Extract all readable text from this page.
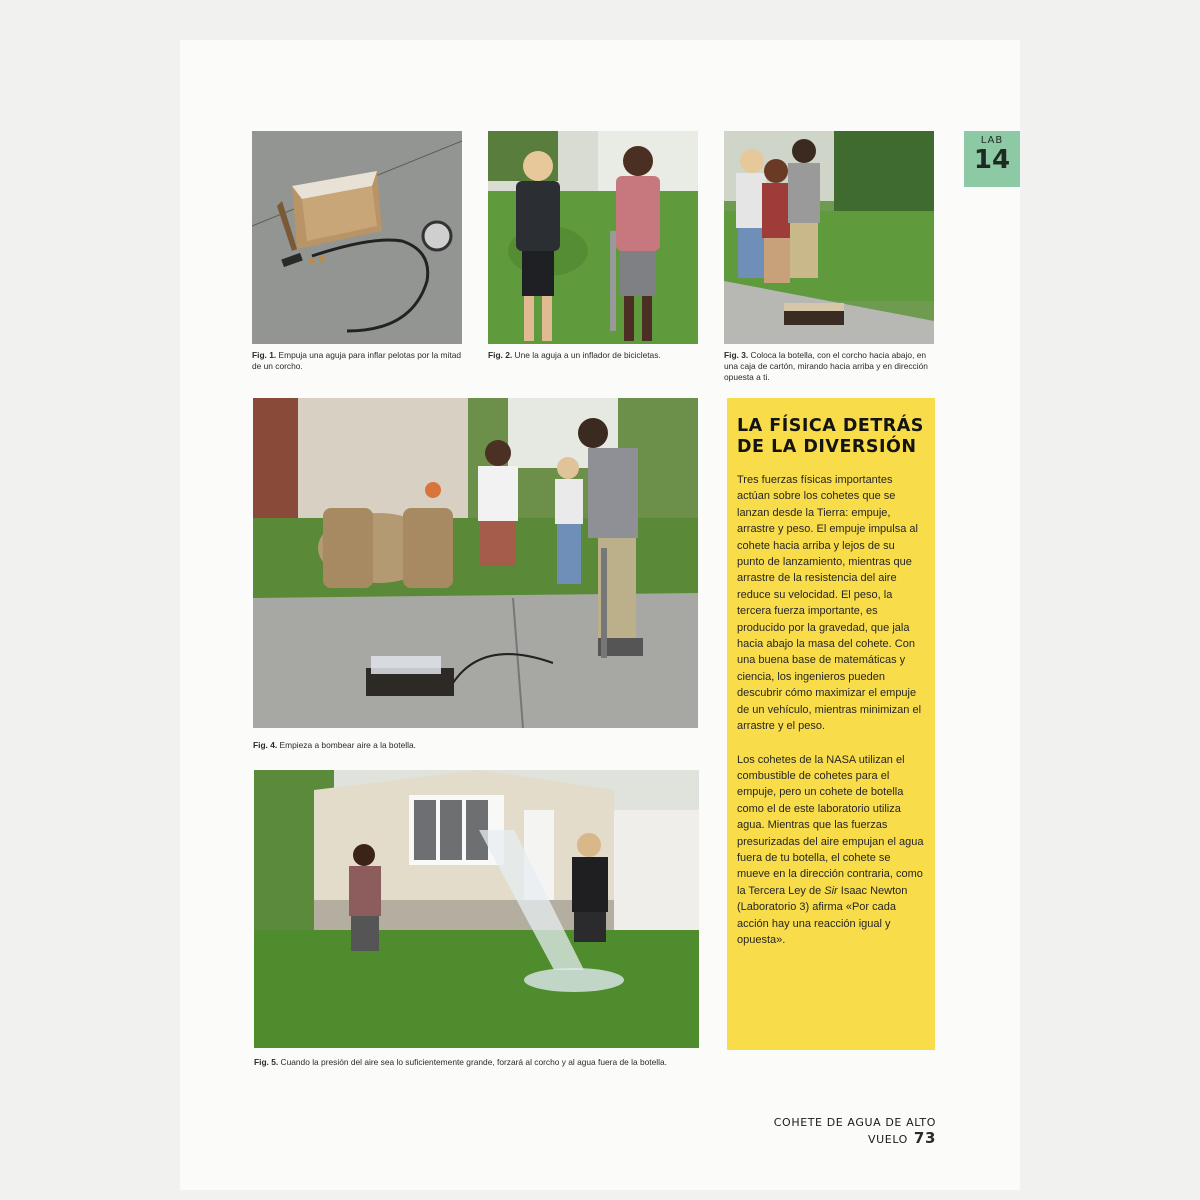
Fig. 1. Empuja una aguja para inflar pelotas por la mitad de un corcho.
Fig. 2. Une la aguja a un inflador de bicicletas.	Fig. 3. Coloca la botella, con el corcho hacia abajo, en una caja de cartón, mirando hacia arriba y en dirección opuesta a ti.
LAB
14
Fig. 4. Empieza a bombear aire a la botella.
Fig. 5. Cuando la presión del aire sea lo suficientemente grande, forzará al corcho y al agua fuera de la botella.
LA FÍSICA DETRÁS
DE LA DIVERSIÓN

Tres fuerzas físicas importantes actúan sobre los cohetes que se lanzan desde la Tierra: empuje, arrastre y peso. El empuje impulsa al cohete hacia arriba y lejos de su punto de lanzamiento, mientras que arrastre de la resistencia del aire reduce su velocidad. El peso, la tercera fuerza importante, es producido por la gravedad, que jala hacia abajo la masa del cohete. Con una buena base de matemáticas y ciencia, los ingenieros pueden descubrir cómo maximizar el empuje de un vehículo, mientras minimizan el arrastre y el peso.

Los cohetes de la NASA utilizan el combustible de cohetes para el empuje, pero un cohete de botella como el de este laboratorio utiliza agua. Mientras que las fuerzas presurizadas del aire empujan el agua fuera de tu botella, el cohete se mueve en la dirección contraria, como la Tercera Ley de Sir Isaac Newton (Laboratorio 3) afirma «Por cada acción hay una reacción igual y opuesta».

COHETE DE AGUA DE ALTO VUELO 73
